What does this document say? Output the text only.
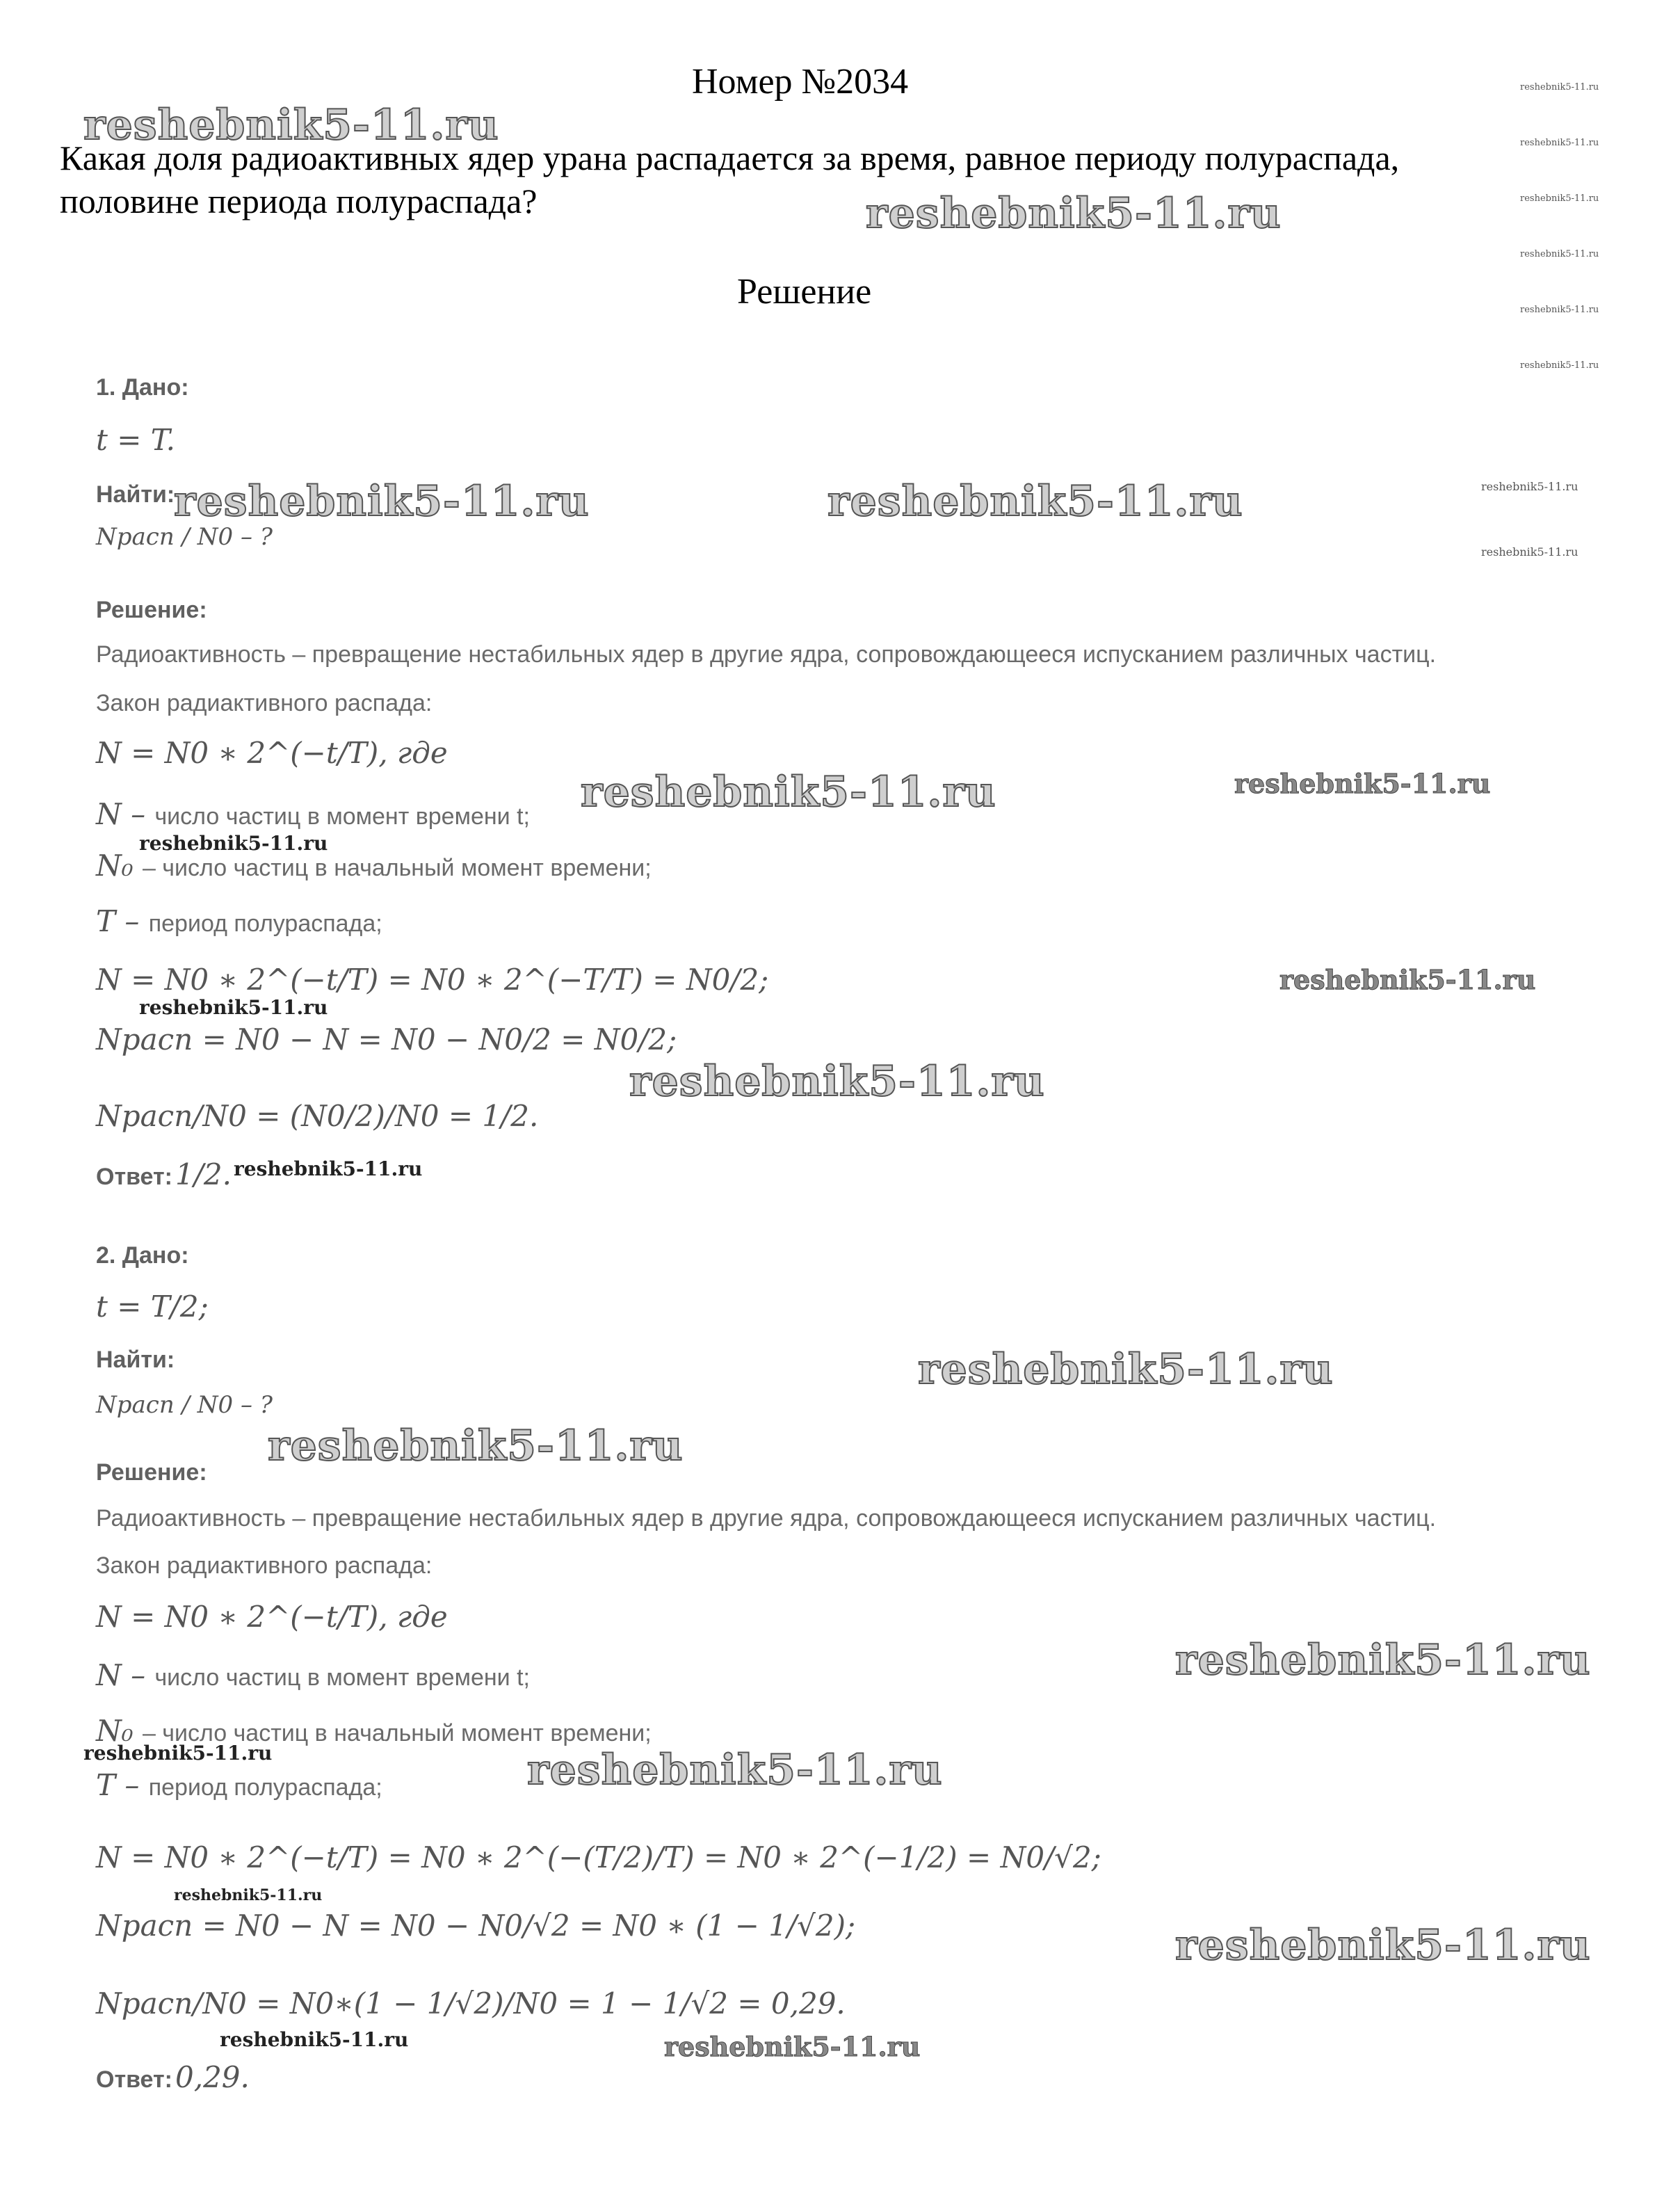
Номер №2034
Какая доля радиоактивных ядер урана распадается за время, равное периоду полураспада, половине периода полураспада?
Решение
1. Дано:
t = T.
Найти:
Nрасп / N0 – ?
Решение:
Радиоактивность – превращение нестабильных ядер в другие ядра, сопровождающееся испусканием различных частиц.
Закон радиактивного распада:
N = N0 ∗ 2^(−t/T), где
N – число частиц в момент времени t;
N₀ – число частиц в начальный момент времени;
T – период полураспада;
N = N0 ∗ 2^(−t/T) = N0 ∗ 2^(−T/T) = N0/2;
Nрасп = N0 − N = N0 − N0/2 = N0/2;
Nрасп/N0 = (N0/2)/N0 = 1/2.
Ответ: 1/2.
2. Дано:
t = T/2;
Найти:
Nрасп / N0 – ?
Решение:
Радиоактивность – превращение нестабильных ядер в другие ядра, сопровождающееся испусканием различных частиц.
Закон радиактивного распада:
N = N0 ∗ 2^(−t/T), где
N – число частиц в момент времени t;
N₀ – число частиц в начальный момент времени;
T – период полураспада;
N = N0 ∗ 2^(−t/T) = N0 ∗ 2^(−(T/2)/T) = N0 ∗ 2^(−1/2) = N0/√2;
Nрасп = N0 − N = N0 − N0/√2 = N0 ∗ (1 − 1/√2);
Nрасп/N0 = N0∗(1 − 1/√2)/N0 = 1 − 1/√2 = 0,29.
Ответ: 0,29.
reshebnik5-11.ru
reshebnik5-11.ru
reshebnik5-11.ru	reshebnik5-11.ru
reshebnik5-11.ru
reshebnik5-11.ru
reshebnik5-11.ru
reshebnik5-11.ru
reshebnik5-11.ru
reshebnik5-11.ru
reshebnik5-11.ru
reshebnik5-11.ru
reshebnik5-11.ru
reshebnik5-11.ru
reshebnik5-11.ru
reshebnik5-11.ru
reshebnik5-11.ru
reshebnik5-11.ru
reshebnik5-11.ru
reshebnik5-11.ru
reshebnik5-11.ru
reshebnik5-11.ru
reshebnik5-11.ru
reshebnik5-11.ru
reshebnik5-11.ru
reshebnik5-11.ru
reshebnik5-11.ru
reshebnik5-11.ru
